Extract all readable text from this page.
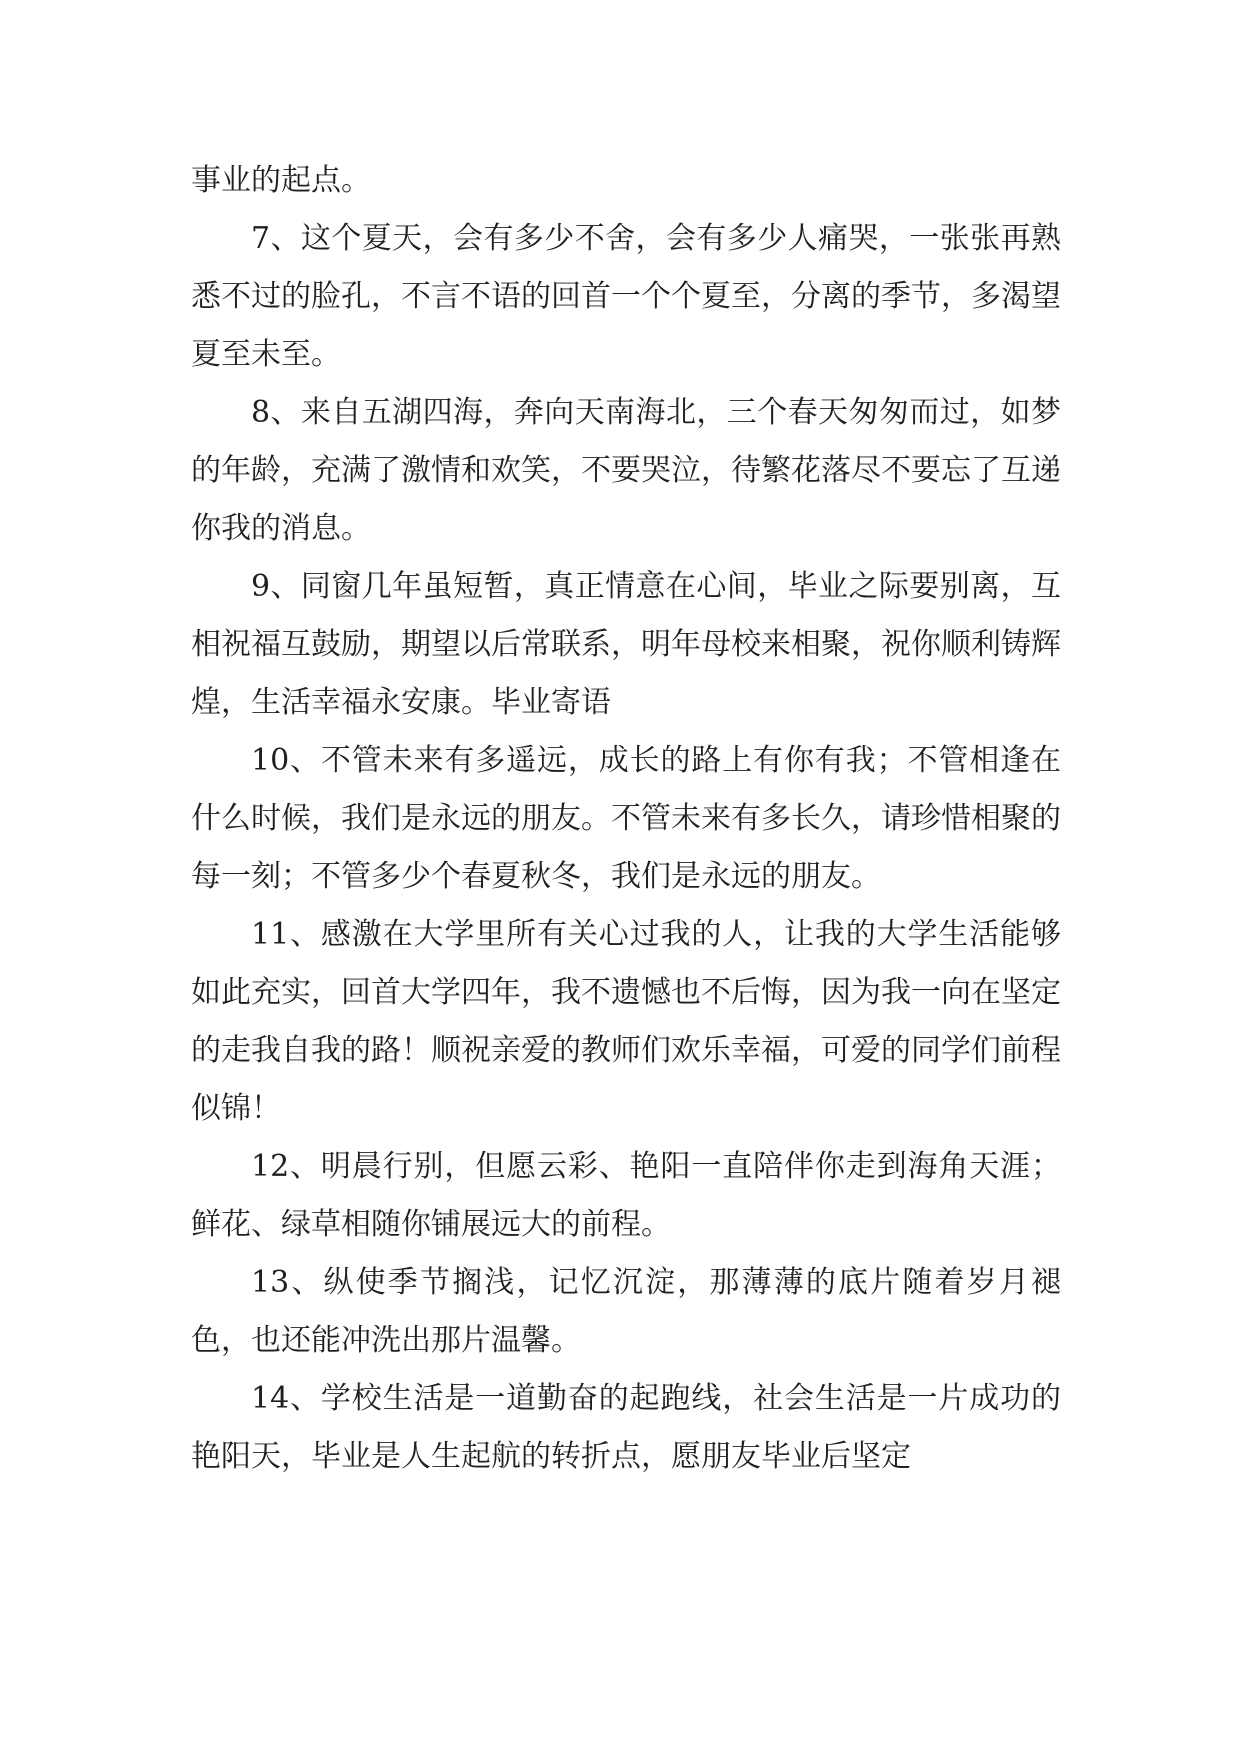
事业的起点。

7、这个夏天，会有多少不舍，会有多少人痛哭，一张张再熟悉不过的脸孔，不言不语的回首一个个夏至，分离的季节，多渴望夏至未至。

8、来自五湖四海，奔向天南海北，三个春天匆匆而过，如梦的年龄，充满了激情和欢笑，不要哭泣，待繁花落尽不要忘了互递你我的消息。

9、同窗几年虽短暂，真正情意在心间，毕业之际要别离，互相祝福互鼓励，期望以后常联系，明年母校来相聚，祝你顺利铸辉煌，生活幸福永安康。毕业寄语

10、不管未来有多遥远，成长的路上有你有我；不管相逢在什么时候，我们是永远的朋友。不管未来有多长久，请珍惜相聚的每一刻；不管多少个春夏秋冬，我们是永远的朋友。

11、感激在大学里所有关心过我的人，让我的大学生活能够如此充实，回首大学四年，我不遗憾也不后悔，因为我一向在坚定的走我自我的路！顺祝亲爱的教师们欢乐幸福，可爱的同学们前程似锦！

12、明晨行别，但愿云彩、艳阳一直陪伴你走到海角天涯；鲜花、绿草相随你铺展远大的前程。

13、纵使季节搁浅，记忆沉淀，那薄薄的底片随着岁月褪色，也还能冲洗出那片温馨。

14、学校生活是一道勤奋的起跑线，社会生活是一片成功的艳阳天，毕业是人生起航的转折点，愿朋友毕业后坚定
